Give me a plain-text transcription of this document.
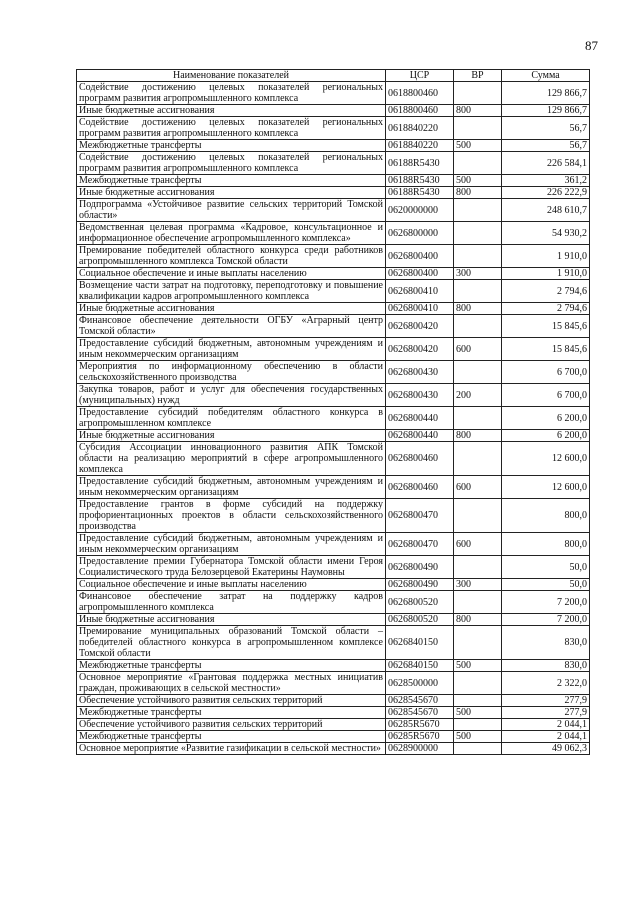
87
Наименование показателей	ЦСР	ВР	Сумма
Содействие достижению целевых показателей региональных программ развития агропромышленного комплекса	0618800460		129 866,7
Иные бюджетные ассигнования	0618800460	800	129 866,7
Содействие достижению целевых показателей региональных программ развития агропромышленного комплекса	0618840220		56,7
Межбюджетные трансферты	0618840220	500	56,7
Содействие достижению целевых показателей региональных программ развития агропромышленного комплекса	06188R5430		226 584,1
Межбюджетные трансферты	06188R5430	500	361,2
Иные бюджетные ассигнования	06188R5430	800	226 222,9
Подпрограмма «Устойчивое развитие сельских территорий Томской области»	0620000000		248 610,7
Ведомственная целевая программа «Кадровое, консультационное и информационное обеспечение агропромышленного комплекса»	0626800000		54 930,2
Премирование победителей областного конкурса среди работников агропромышленного комплекса Томской области	0626800400		1 910,0
Социальное обеспечение и иные выплаты населению	0626800400	300	1 910,0
Возмещение части затрат на подготовку, переподготовку и повышение квалификации кадров агропромышленного комплекса	0626800410		2 794,6
Иные бюджетные ассигнования	0626800410	800	2 794,6
Финансовое обеспечение деятельности ОГБУ «Аграрный центр Томской области»	0626800420		15 845,6
Предоставление субсидий бюджетным, автономным учреждениям и иным некоммерческим организациям	0626800420	600	15 845,6
Мероприятия по информационному обеспечению в области сельскохозяйственного производства	0626800430		6 700,0
Закупка товаров, работ и услуг для обеспечения государственных (муниципальных) нужд	0626800430	200	6 700,0
Предоставление субсидий победителям областного конкурса в агропромышленном комплексе	0626800440		6 200,0
Иные бюджетные ассигнования	0626800440	800	6 200,0
Субсидия Ассоциации инновационного развития АПК Томской области на реализацию мероприятий в сфере агропромышленного комплекса	0626800460		12 600,0
Предоставление субсидий бюджетным, автономным учреждениям и иным некоммерческим организациям	0626800460	600	12 600,0
Предоставление грантов в форме субсидий на поддержку профориентационных проектов в области сельскохозяйственного производства	0626800470		800,0
Предоставление субсидий бюджетным, автономным учреждениям и иным некоммерческим организациям	0626800470	600	800,0
Предоставление премии Губернатора Томской области имени Героя Социалистического труда Белозерцевой Екатерины Наумовны	0626800490		50,0
Социальное обеспечение и иные выплаты населению	0626800490	300	50,0
Финансовое обеспечение затрат на поддержку кадров агропромышленного комплекса	0626800520		7 200,0
Иные бюджетные ассигнования	0626800520	800	7 200,0
Премирование муниципальных образований Томской области – победителей областного конкурса в агропромышленном комплексе Томской области	0626840150		830,0
Межбюджетные трансферты	0626840150	500	830,0
Основное мероприятие «Грантовая поддержка местных инициатив граждан, проживающих в сельской местности»	0628500000		2 322,0
Обеспечение устойчивого развития сельских территорий	0628545670		277,9
Межбюджетные трансферты	0628545670	500	277,9
Обеспечение устойчивого развития сельских территорий	06285R5670		2 044,1
Межбюджетные трансферты	06285R5670	500	2 044,1
Основное мероприятие «Развитие газификации в сельской местности»	0628900000		49 062,3
